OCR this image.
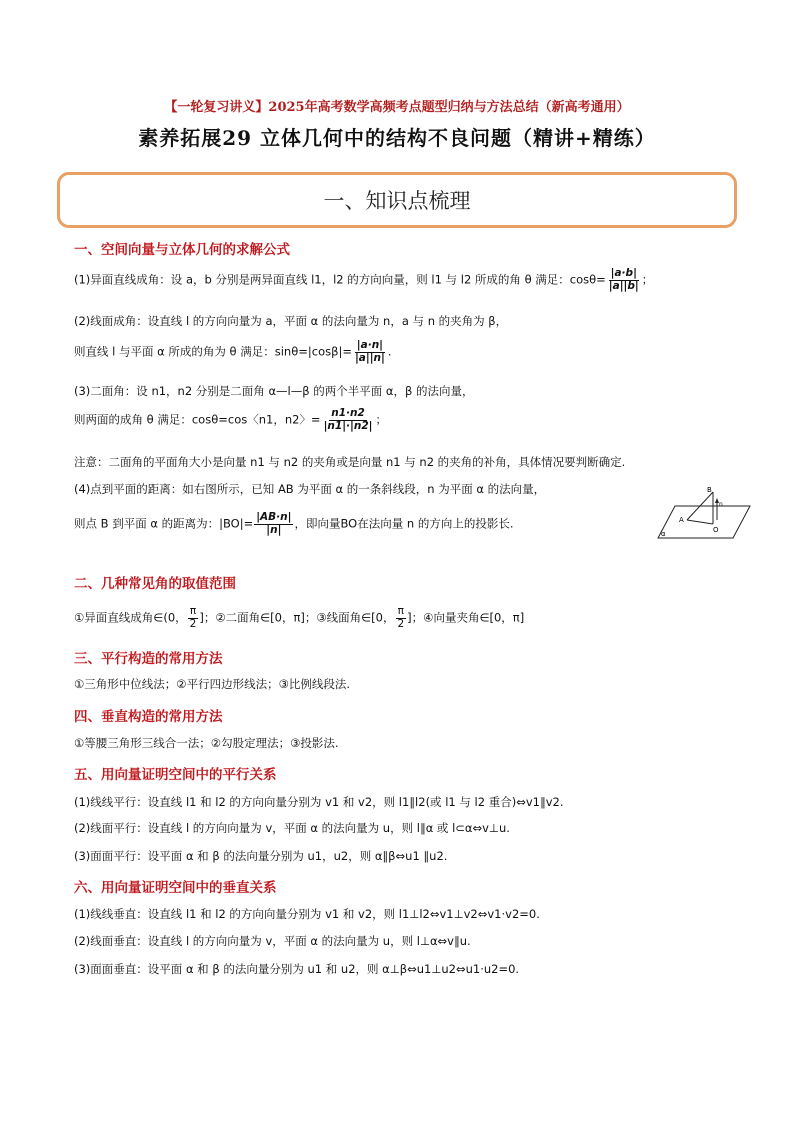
【一轮复习讲义】2025年高考数学高频考点题型归纳与方法总结（新高考通用）
素养拓展29 立体几何中的结构不良问题（精讲+精练）
一、知识点梳理
一、空间向量与立体几何的求解公式
(1)异面直线成角：设 a，b 分别是两异面直线 l1，l2 的方向向量，则 l1 与 l2 所成的角 θ 满足：$\cos\theta= \frac{|a\cdot b|}{|a||b|}$ ；
(2)线面成角：设直线 l 的方向向量为 a，平面 α 的法向量为 n，a 与 n 的夹角为 β，
则直线 l 与平面 α 所成的角为 θ 满足：$\sin\theta=|\cos\beta|= \frac{|a\cdot n|}{|a||n|}$ .
(3)二面角：设 n1，n2 分别是二面角 α—l—β 的两个半平面 α，β 的法向量，
则两面的成角 θ 满足：cosθ=cos〈n1，n2〉= $\frac{n1\cdot n2}{|n1|\cdot|n2|}$ ；
注意：二面角的平面角大小是向量 n1 与 n2 的夹角或是向量 n1 与 n2 的夹角的补角，具体情况要判断确定.
(4)点到平面的距离：如右图所示，已知 AB 为平面 α 的一条斜线段，n 为平面 α 的法向量，
则点 B 到平面 α 的距离为：$|BO|= \frac{|AB\cdot n|}{|n|}$ ，即向量BO在法向量 n 的方向上的投影长.
B
n
A
O
α
二、几种常见角的取值范围
①异面直线成角∈(0， $\frac{\pi}{2}$ ]；②二面角∈[0，π]；③线面角∈[0， $\frac{\pi}{2}$ ]；④向量夹角∈[0，π]
三、平行构造的常用方法
①三角形中位线法；②平行四边形线法；③比例线段法.
四、垂直构造的常用方法
①等腰三角形三线合一法；②勾股定理法；③投影法.
五、用向量证明空间中的平行关系
(1)线线平行：设直线 l1 和 l2 的方向向量分别为 v1 和 v2，则 l1∥l2(或 l1 与 l2 重合)⇔v1∥v2.
(2)线面平行：设直线 l 的方向向量为 v，平面 α 的法向量为 u，则 l∥α 或 l⊂α⇔v⊥u.
(3)面面平行：设平面 α 和 β 的法向量分别为 u1，u2，则 α∥β⇔u1 ∥u2.
六、用向量证明空间中的垂直关系
(1)线线垂直：设直线 l1 和 l2 的方向向量分别为 v1 和 v2，则 l1⊥l2⇔v1⊥v2⇔v1·v2=0.
(2)线面垂直：设直线 l 的方向向量为 v，平面 α 的法向量为 u，则 l⊥α⇔v∥u.
(3)面面垂直：设平面 α 和 β 的法向量分别为 u1 和 u2，则 α⊥β⇔u1⊥u2⇔u1·u2=0.
